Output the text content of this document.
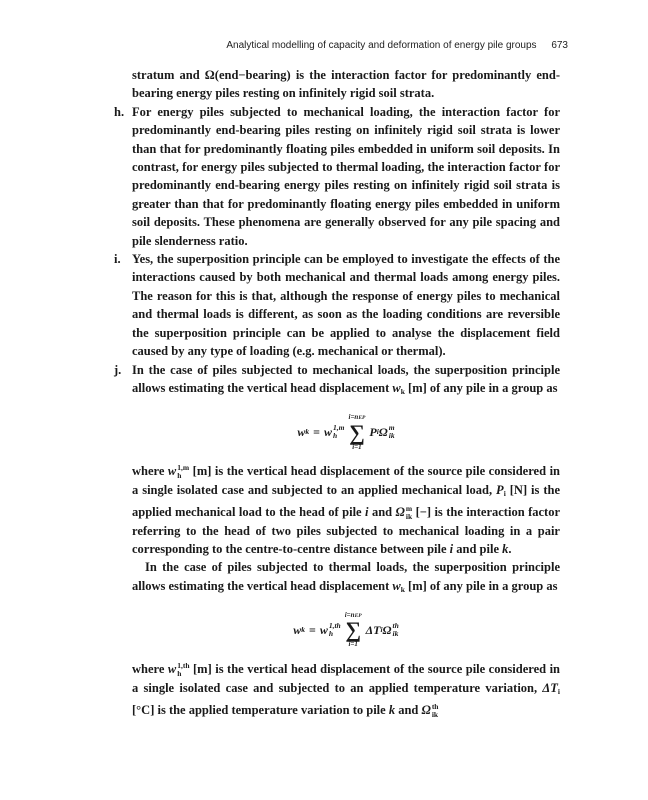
Analytical modelling of capacity and deformation of energy pile groups 673

stratum and Ω(end−bearing) is the interaction factor for predominantly end-bearing energy piles resting on infinitely rigid soil strata.

h. For energy piles subjected to mechanical loading, the interaction factor for predominantly end-bearing piles resting on infinitely rigid soil strata is lower than that for predominantly floating piles embedded in uniform soil deposits. In contrast, for energy piles subjected to thermal loading, the interaction factor for predominantly end-bearing energy piles resting on infinitely rigid soil strata is greater than that for predominantly floating energy piles embedded in uniform soil deposits. These phenomena are generally observed for any pile spacing and pile slenderness ratio.

i. Yes, the superposition principle can be employed to investigate the effects of the interactions caused by both mechanical and thermal loads among energy piles. The reason for this is that, although the response of energy piles to mechanical and thermal loads is different, as soon as the loading conditions are reversible the superposition principle can be applied to analyse the displacement field caused by any type of loading (e.g. mechanical or thermal).

j. In the case of piles subjected to mechanical loads, the superposition principle allows estimating the vertical head displacement $w_k$ [m] of any pile in a group as

w k = w 1,m
h
i=nEP
∑
i=1
P i Ω m
ik

where w 1,m
h [m] is the vertical head displacement of the source pile considered in a single isolated case and subjected to an applied mechanical load, $P_i$ [N] is the applied mechanical load to the head of pile i and Ω m
ik [−] is the interaction factor referring to the head of two piles subjected to mechanical loading in a pair corresponding to the centre-to-centre distance between pile i and pile k.

In the case of piles subjected to thermal loads, the superposition principle allows estimating the vertical head displacement $w_k$ [m] of any pile in a group as

w k = w 1,th
h
i=nEP
∑
i=1
ΔT i Ω th
ik

where w 1,th
h [m] is the vertical head displacement of the source pile considered in a single isolated case and subjected to an applied temperature variation, $\Delta T_i$ [°C] is the applied temperature variation to pile k and Ω th
ik
